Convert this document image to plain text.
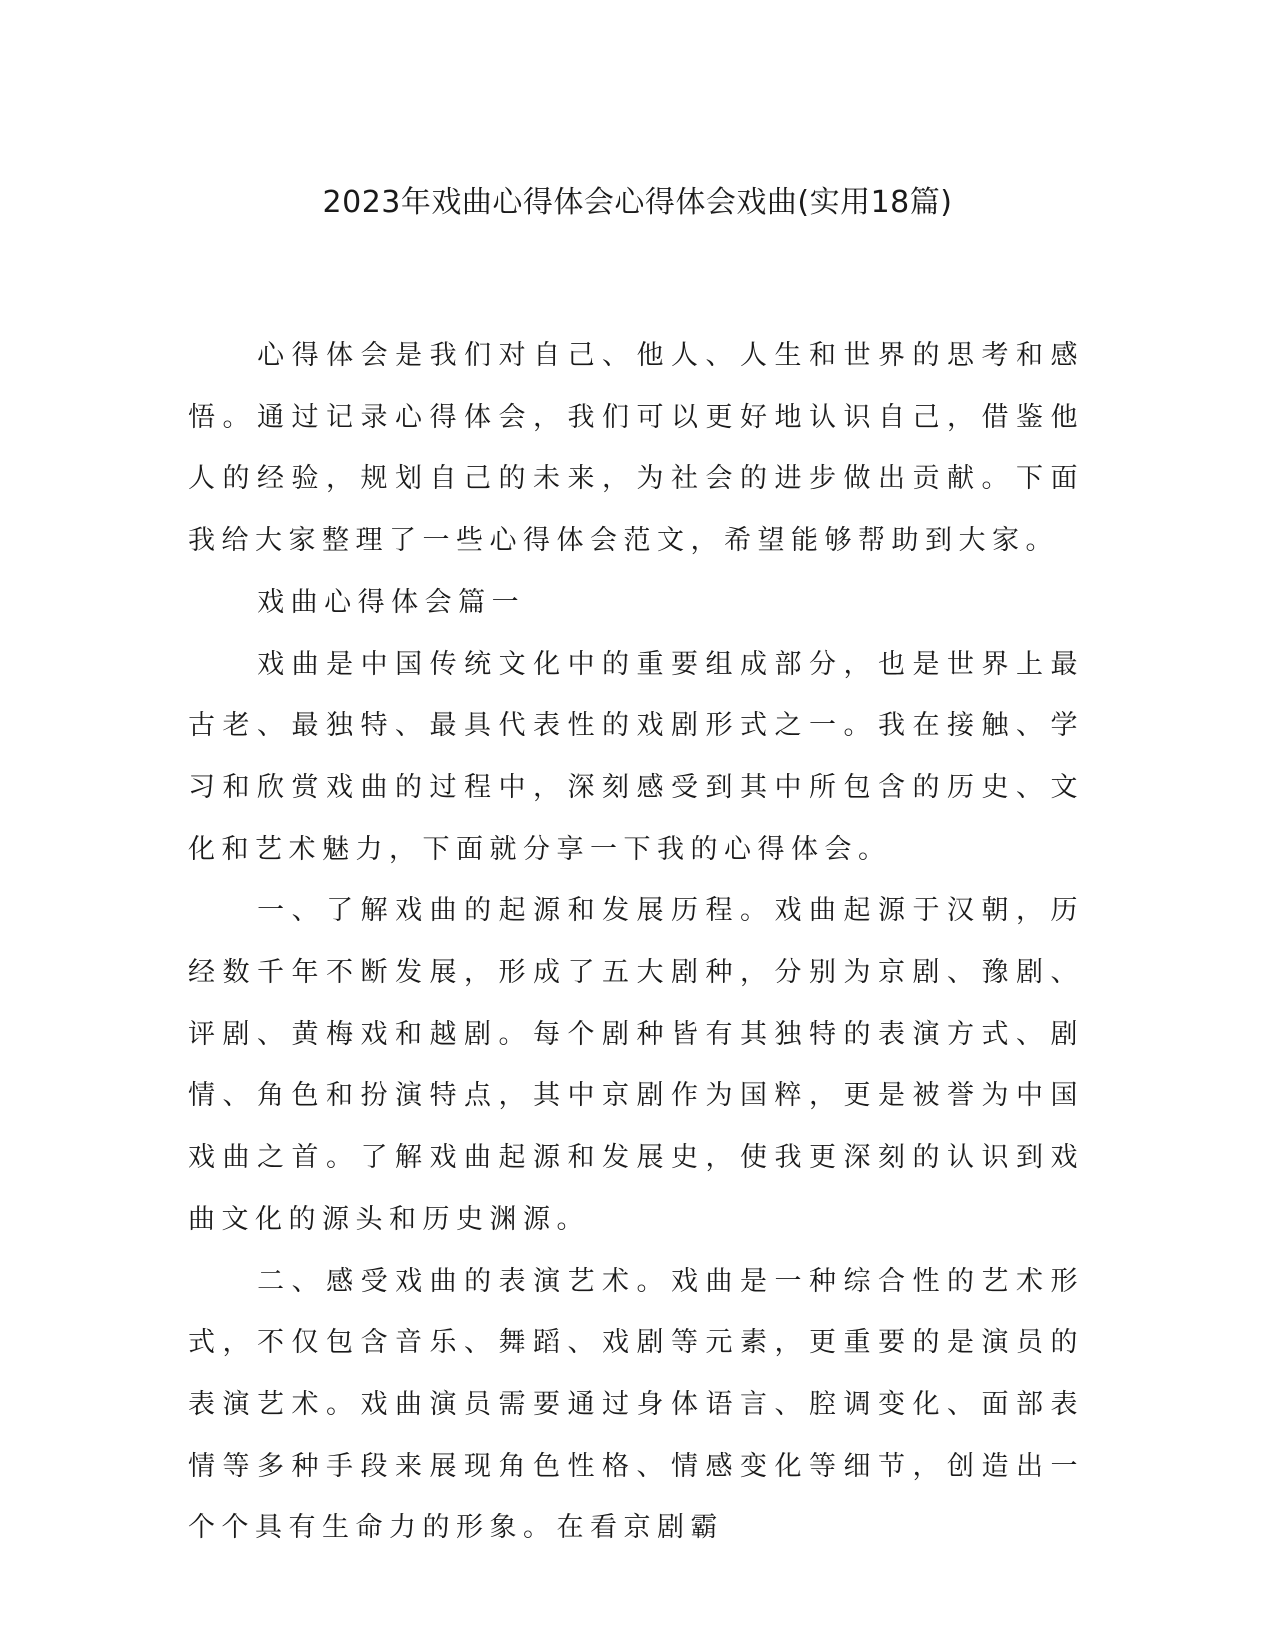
2023年戏曲心得体会心得体会戏曲(实用18篇)

心得体会是我们对自己、他人、人生和世界的思考和感悟。通过记录心得体会，我们可以更好地认识自己，借鉴他人的经验，规划自己的未来，为社会的进步做出贡献。下面我给大家整理了一些心得体会范文，希望能够帮助到大家。

戏曲心得体会篇一

戏曲是中国传统文化中的重要组成部分，也是世界上最古老、最独特、最具代表性的戏剧形式之一。我在接触、学习和欣赏戏曲的过程中，深刻感受到其中所包含的历史、文化和艺术魅力，下面就分享一下我的心得体会。

一、了解戏曲的起源和发展历程。戏曲起源于汉朝，历经数千年不断发展，形成了五大剧种，分别为京剧、豫剧、评剧、黄梅戏和越剧。每个剧种皆有其独特的表演方式、剧情、角色和扮演特点，其中京剧作为国粹，更是被誉为中国戏曲之首。了解戏曲起源和发展史，使我更深刻的认识到戏曲文化的源头和历史渊源。

二、感受戏曲的表演艺术。戏曲是一种综合性的艺术形式，不仅包含音乐、舞蹈、戏剧等元素，更重要的是演员的表演艺术。戏曲演员需要通过身体语言、腔调变化、面部表情等多种手段来展现角色性格、情感变化等细节，创造出一个个具有生命力的形象。在看京剧霸
